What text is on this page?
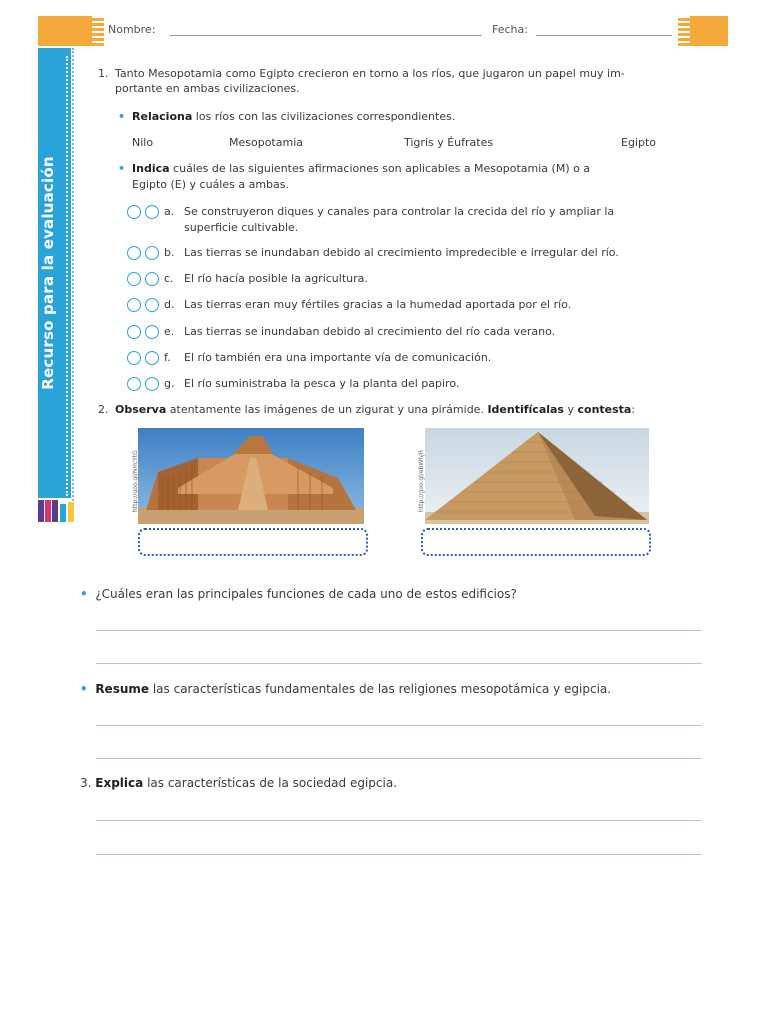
Nombre:	Fecha:
Recurso para la evaluación
1. Tanto Mesopotamia como Egipto crecieron en torno a los ríos, que jugaron un papel muy im-
portante en ambas civilizaciones.
• Relaciona los ríos con las civilizaciones correspondientes.
Nilo	Mesopotamia	Tigris y Éufrates	Egipto
• Indica cuáles de las siguientes afirmaciones son aplicables a Mesopotamia (M) o a
Egipto (E) y cuáles a ambas.
a. Se construyeron diques y canales para controlar la crecida del río y ampliar la
superficie cultivable.
b. Las tierras se inundaban debido al crecimiento impredecible e irregular del río.
c. El río hacía posible la agricultura.
d. Las tierras eran muy fértiles gracias a la humedad aportada por el río.
e. Las tierras se inundaban debido al crecimiento del río cada verano.
f. El río también era una importante vía de comunicación.
g. El río suministraba la pesca y la planta del papiro.
2. Observa atentamente las imágenes de un zigurat y una pirámide. Identifícalas y contesta:
http://goo.gl/NHcYtG	http://goo.gl/ebWhJR
• ¿Cuáles eran las principales funciones de cada uno de estos edificios?
• Resume las características fundamentales de las religiones mesopotámica y egipcia.
3. Explica las características de la sociedad egipcia.
